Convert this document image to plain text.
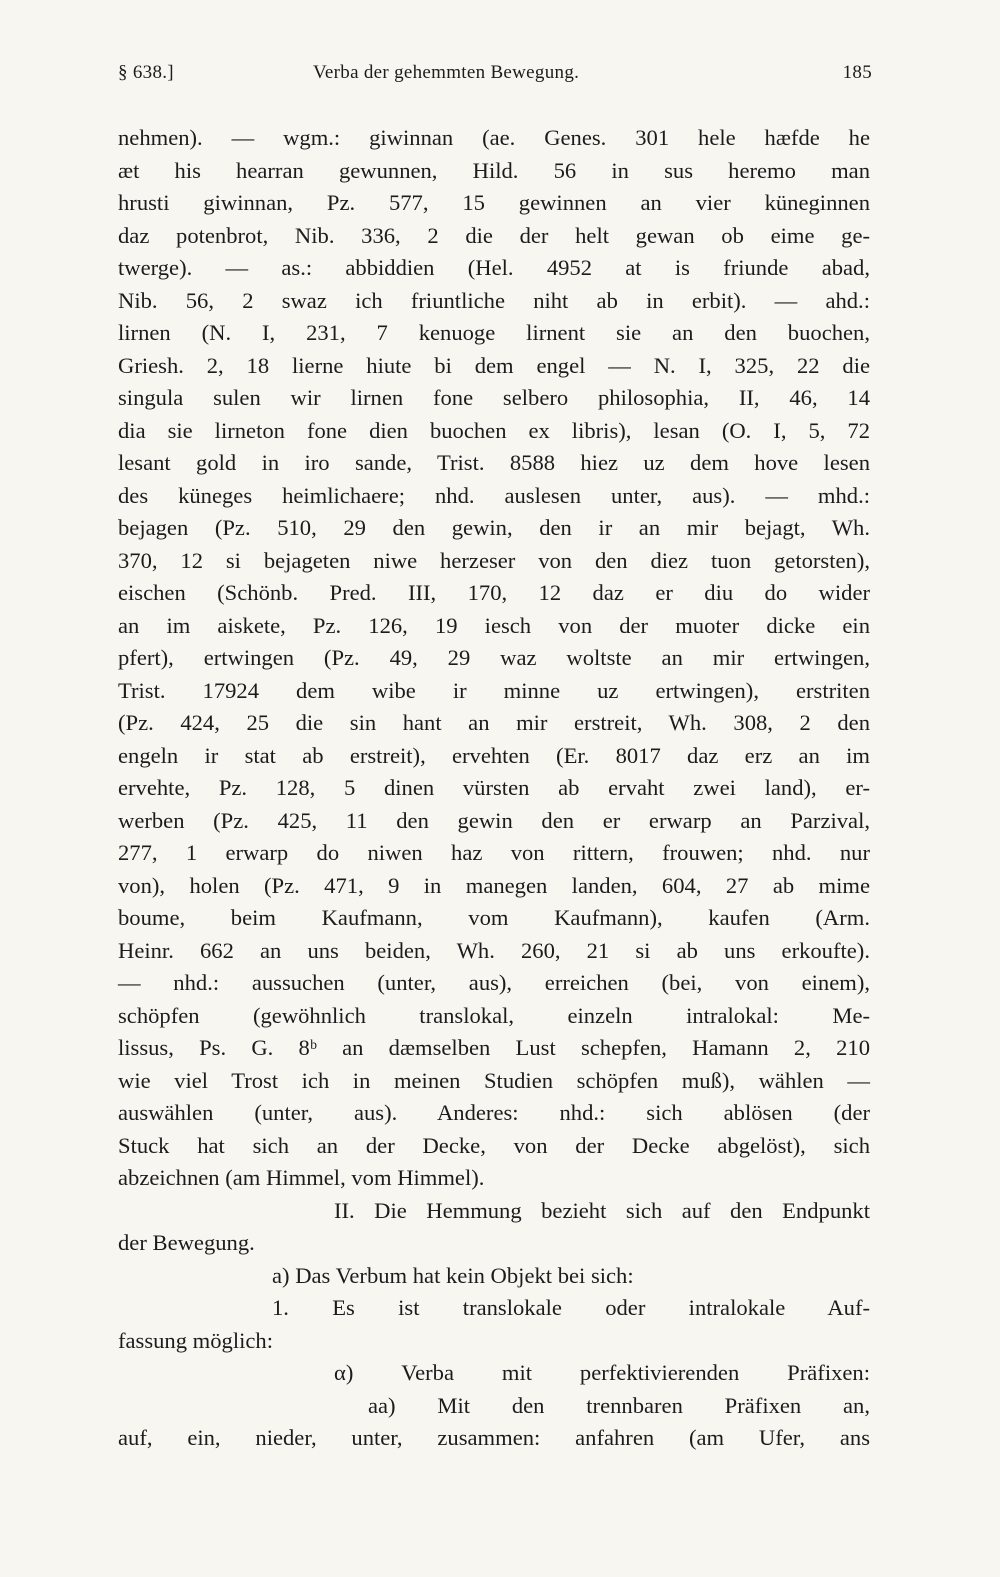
§ 638.]	Verba der gehemmten Bewegung.	185
nehmen). — wgm.: giwinnan (ae. Genes. 301 hele hæfde he
æt his hearran gewunnen, Hild. 56 in sus heremo man
hrusti giwinnan, Pz. 577, 15 gewinnen an vier küneginnen
daz potenbrot, Nib. 336, 2 die der helt gewan ob eime ge-
twerge). — as.: abbiddien (Hel. 4952 at is friunde abad,
Nib. 56, 2 swaz ich friuntliche niht ab in erbit). — ahd.:
lirnen (N. I, 231, 7 kenuoge lirnent sie an den buochen,
Griesh. 2, 18 lierne hiute bi dem engel — N. I, 325, 22 die
singula sulen wir lirnen fone selbero philosophia, II, 46, 14
dia sie lirneton fone dien buochen ex libris), lesan (O. I, 5, 72
lesant gold in iro sande, Trist. 8588 hiez uz dem hove lesen
des küneges heimlichaere; nhd. auslesen unter, aus). — mhd.:
bejagen (Pz. 510, 29 den gewin, den ir an mir bejagt, Wh.
370, 12 si bejageten niwe herzeser von den diez tuon getorsten),
eischen (Schönb. Pred. III, 170, 12 daz er diu do wider
an im aiskete, Pz. 126, 19 iesch von der muoter dicke ein
pfert), ertwingen (Pz. 49, 29 waz woltste an mir ertwingen,
Trist. 17924 dem wibe ir minne uz ertwingen), erstriten
(Pz. 424, 25 die sin hant an mir erstreit, Wh. 308, 2 den
engeln ir stat ab erstreit), ervehten (Er. 8017 daz erz an im
ervehte, Pz. 128, 5 dinen vürsten ab ervaht zwei land), er-
werben (Pz. 425, 11 den gewin den er erwarp an Parzival,
277, 1 erwarp do niwen haz von rittern, frouwen; nhd. nur
von), holen (Pz. 471, 9 in manegen landen, 604, 27 ab mime
boume, beim Kaufmann, vom Kaufmann), kaufen (Arm.
Heinr. 662 an uns beiden, Wh. 260, 21 si ab uns erkoufte).
— nhd.: aussuchen (unter, aus), erreichen (bei, von einem),
schöpfen (gewöhnlich translokal, einzeln intralokal: Me-
lissus, Ps. G. 8ᵇ an dæmselben Lust schepfen, Hamann 2, 210
wie viel Trost ich in meinen Studien schöpfen muß), wählen —
auswählen (unter, aus). Anderes: nhd.: sich ablösen (der
Stuck hat sich an der Decke, von der Decke abgelöst), sich
abzeichnen (am Himmel, vom Himmel).
II. Die Hemmung bezieht sich auf den Endpunkt
der Bewegung.
a) Das Verbum hat kein Objekt bei sich:
1. Es ist translokale oder intralokale Auf-
fassung möglich:
α) Verba mit perfektivierenden Präfixen:
aa) Mit den trennbaren Präfixen an,
auf, ein, nieder, unter, zusammen: anfahren (am Ufer, ans
